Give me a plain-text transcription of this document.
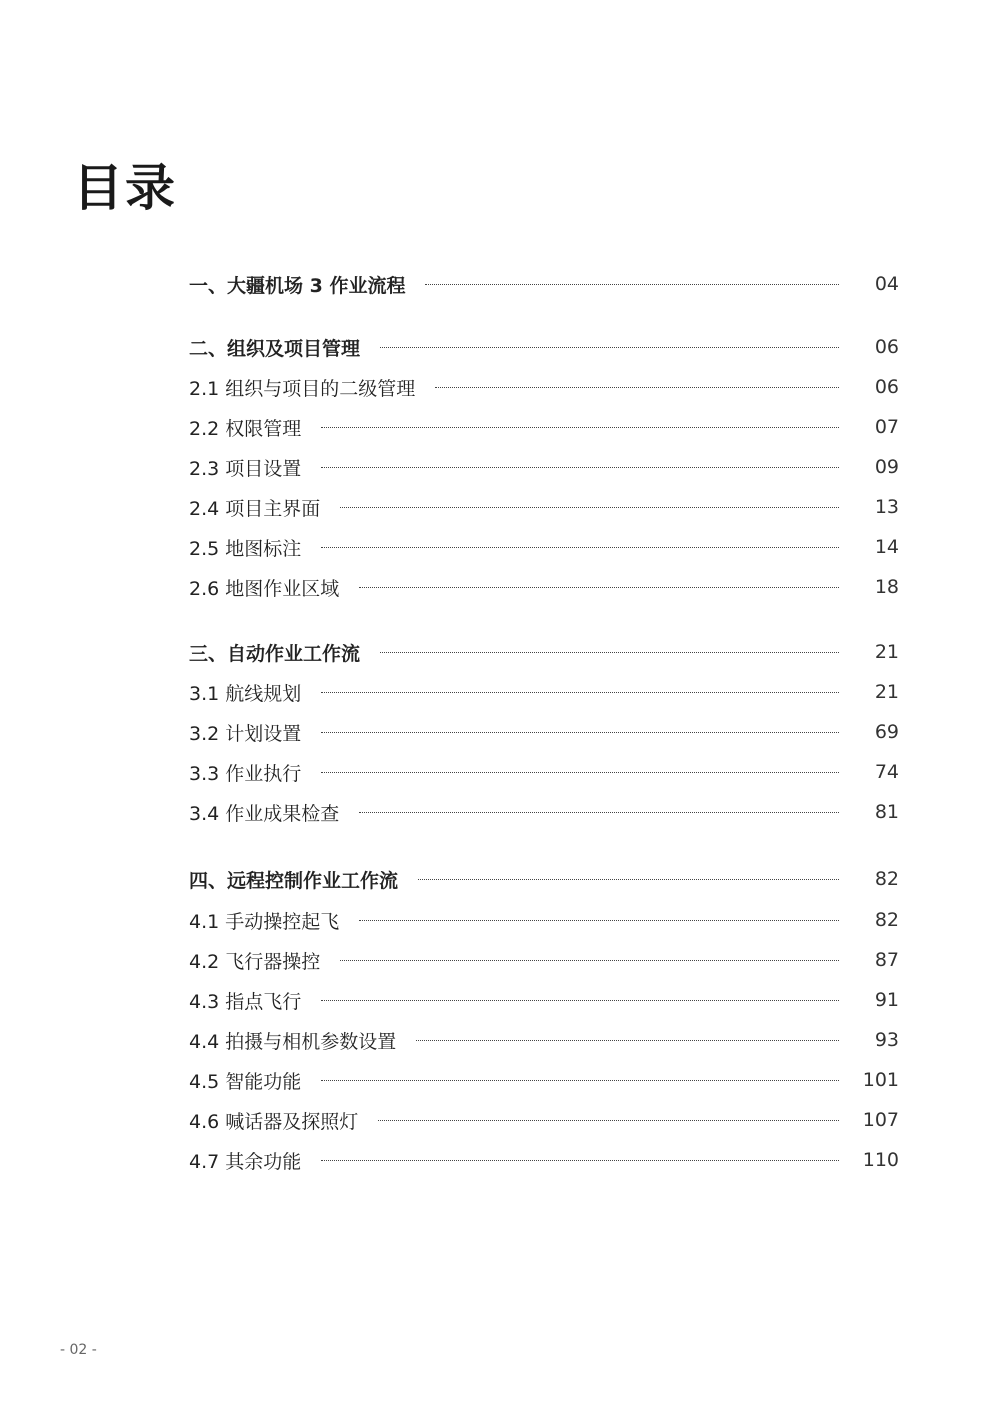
目录
一、大疆机场 3 作业流程	04
二、组织及项目管理	06
2.1 组织与项目的二级管理	06
2.2 权限管理	07
2.3 项目设置	09
2.4 项目主界面	13
2.5 地图标注	14
2.6 地图作业区域	18
三、自动作业工作流	21
3.1 航线规划	21
3.2 计划设置	69
3.3 作业执行	74
3.4 作业成果检查	81
四、远程控制作业工作流	82
4.1 手动操控起飞	82
4.2 飞行器操控	87
4.3 指点飞行	91
4.4 拍摄与相机参数设置	93
4.5 智能功能	101
4.6 喊话器及探照灯	107
4.7 其余功能	110
- 02 -
